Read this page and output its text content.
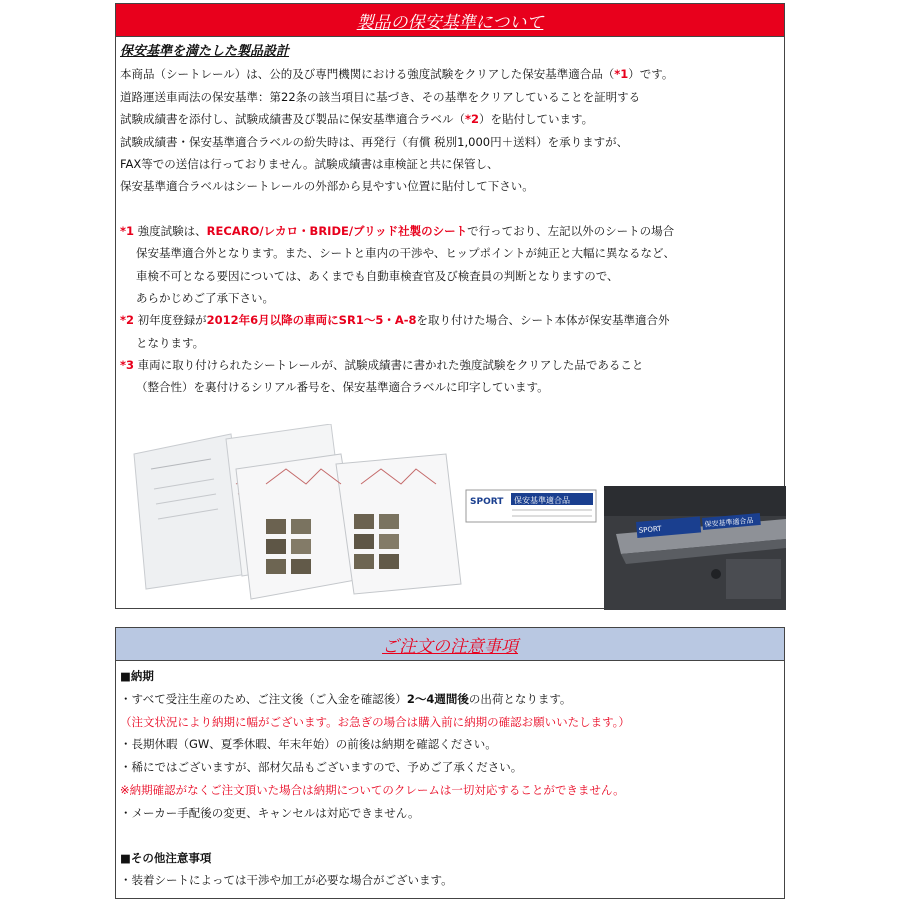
製品の保安基準について
保安基準を満たした製品設計
本商品（シートレール）は、公的及び専門機関における強度試験をクリアした保安基準適合品（*1）です。
道路運送車両法の保安基準：第22条の該当項目に基づき、その基準をクリアしていることを証明する
試験成績書を添付し、試験成績書及び製品に保安基準適合ラベル（*2）を貼付しています。
試験成績書・保安基準適合ラベルの紛失時は、再発行（有償 税別1,000円＋送料）を承りますが、
FAX等での送信は行っておりません。試験成績書は車検証と共に保管し、
保安基準適合ラベルはシートレールの外部から見やすい位置に貼付して下さい。
*1 強度試験は、RECARO/レカロ・BRIDE/ブリッド社製のシートで行っており、左記以外のシートの場合
保安基準適合外となります。また、シートと車内の干渉や、ヒップポイントが純正と大幅に異なるなど、
車検不可となる要因については、あくまでも自動車検査官及び検査員の判断となりますので、
あらかじめご了承下さい。
*2 初年度登録が2012年6月以降の車両にSR1～5・A-8を取り付けた場合、シート本体が保安基準適合外
となります。
*3 車両に取り付けられたシートレールが、試験成績書に書かれた強度試験をクリアした品であること
（整合性）を裏付けるシリアル番号を、保安基準適合ラベルに印字しています。
SPORT 保安基準適合品
SPORT
保安基準適合品
ご注文の注意事項
■納期
・すべて受注生産のため、ご注文後（ご入金を確認後）2～4週間後の出荷となります。
（注文状況により納期に幅がございます。お急ぎの場合は購入前に納期の確認お願いいたします。）
・長期休暇（GW、夏季休暇、年末年始）の前後は納期を確認ください。
・稀にではございますが、部材欠品もございますので、予めご了承ください。
※納期確認がなくご注文頂いた場合は納期についてのクレームは一切対応することができません。
・メーカー手配後の変更、キャンセルは対応できません。
■その他注意事項
・装着シートによっては干渉や加工が必要な場合がございます。
